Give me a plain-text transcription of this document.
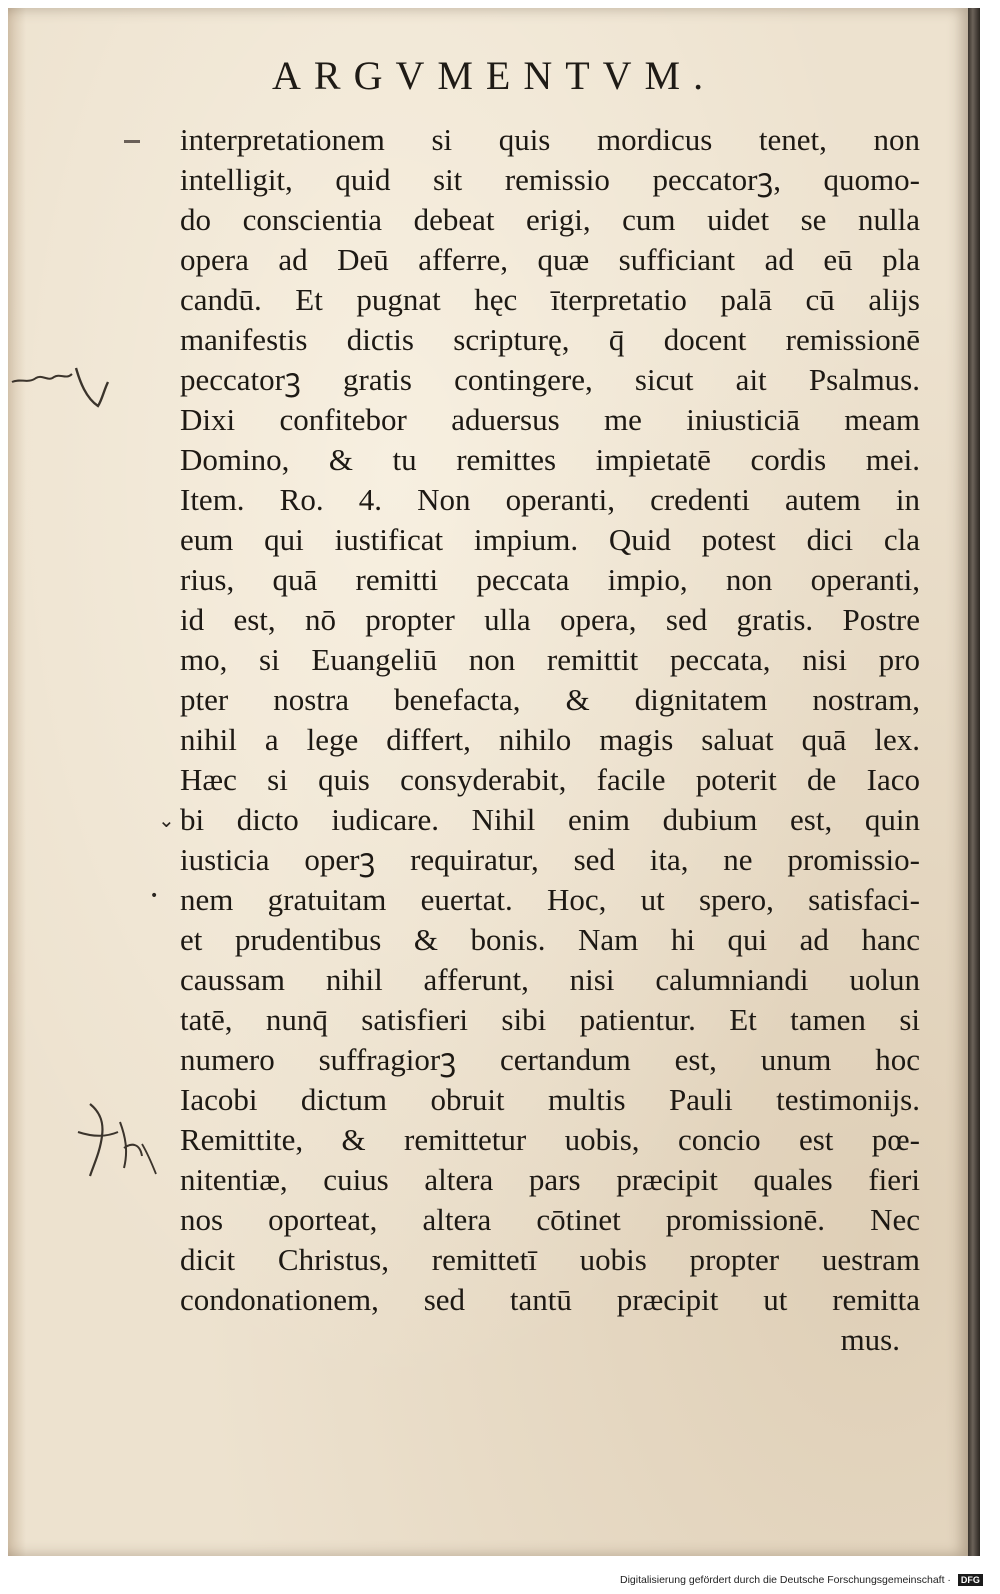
ARGVMENTVM.
⌄
•
interpretationem si quis mordicus tenet, non
intelligit, quid sit remissio peccatorꝫ, quomo-
do conscientia debeat erigi, cum uidet se nulla
opera ad Deū afferre, quæ sufficiant ad eū pla
candū. Et pugnat hęc īterpretatio palā cū alijs
manifestis dictis scripturę, q̄ docent remissionē
peccatorꝫ gratis contingere, sicut ait Psalmus.
Dixi confitebor aduersus me iniusticiā meam
Domino, & tu remittes impietatē cordis mei.
Item. Ro. 4. Non operanti, credenti autem in
eum qui iustificat impium. Quid potest dici cla
rius, quā remitti peccata impio, non operanti,
id est, nō propter ulla opera, sed gratis. Postre
mo, si Euangeliū non remittit peccata, nisi pro
pter nostra benefacta, & dignitatem nostram,
nihil a lege differt, nihilo magis saluat quā lex.
Hæc si quis consyderabit, facile poterit de Iaco
bi dicto iudicare. Nihil enim dubium est, quin
iusticia operꝫ requiratur, sed ita, ne promissio-
nem gratuitam euertat. Hoc, ut spero, satisfaci-
et prudentibus & bonis. Nam hi qui ad hanc
caussam nihil afferunt, nisi calumniandi uolun
tatē, nunq̄ satisfieri sibi patientur. Et tamen si
numero suffragiorꝫ certandum est, unum hoc
Iacobi dictum obruit multis Pauli testimonijs.
Remittite, & remittetur uobis, concio est pœ-
nitentiæ, cuius altera pars præcipit quales fieri
nos oporteat, altera cōtinet promissionē. Nec
dicit Christus, remittetī uobis propter uestram
condonationem, sed tantū præcipit ut remitta
mus.
Digitalisierung gefördert durch die Deutsche Forschungsgemeinschaft · DFG
